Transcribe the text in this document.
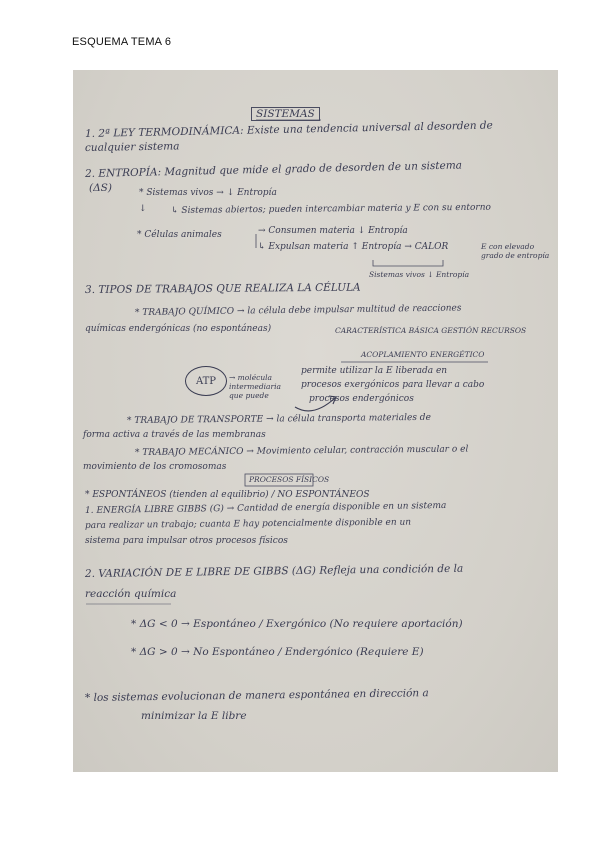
ESQUEMA TEMA 6
SISTEMAS
1. 2ª LEY TERMODINÁMICA: Existe una tendencia universal al desorden de
cualquier sistema
2. ENTROPÍA: Magnitud que mide el grado de desorden de un sistema
(ΔS)	* Sistemas vivos → ↓ Entropía
↓	↳ Sistemas abiertos; pueden intercambiar materia y E con su entorno
* Células animales	→ Consumen materia ↓ Entropía
↳ Expulsan materia ↑ Entropía → CALOR	E con elevado grado de entropía
Sistemas vivos ↓ Entropía
3. TIPOS DE TRABAJOS QUE REALIZA LA CÉLULA
* TRABAJO QUÍMICO → la célula debe impulsar multitud de reacciones
químicas endergónicas (no espontáneas)	CARACTERÍSTICA BÁSICA GESTIÓN RECURSOS
ACOPLAMIENTO ENERGÉTICO
ATP → molécula intermediaria que puede
permite utilizar la E liberada en
procesos exergónicos para llevar a cabo
procesos endergónicos
* TRABAJO DE TRANSPORTE → la célula transporta materiales de
forma activa a través de las membranas
* TRABAJO MECÁNICO → Movimiento celular, contracción muscular o el
movimiento de los cromosomas
PROCESOS FÍSICOS
* ESPONTÁNEOS (tienden al equilibrio) / NO ESPONTÁNEOS
1. ENERGÍA LIBRE GIBBS (G) → Cantidad de energía disponible en un sistema
para realizar un trabajo; cuanta E hay potencialmente disponible en un
sistema para impulsar otros procesos físicos
2. VARIACIÓN DE E LIBRE DE GIBBS (ΔG) Refleja una condición de la
reacción química
* ΔG < 0 → Espontáneo / Exergónico (No requiere aportación)
* ΔG > 0 → No Espontáneo / Endergónico (Requiere E)
* los sistemas evolucionan de manera espontánea en dirección a
minimizar la E libre
